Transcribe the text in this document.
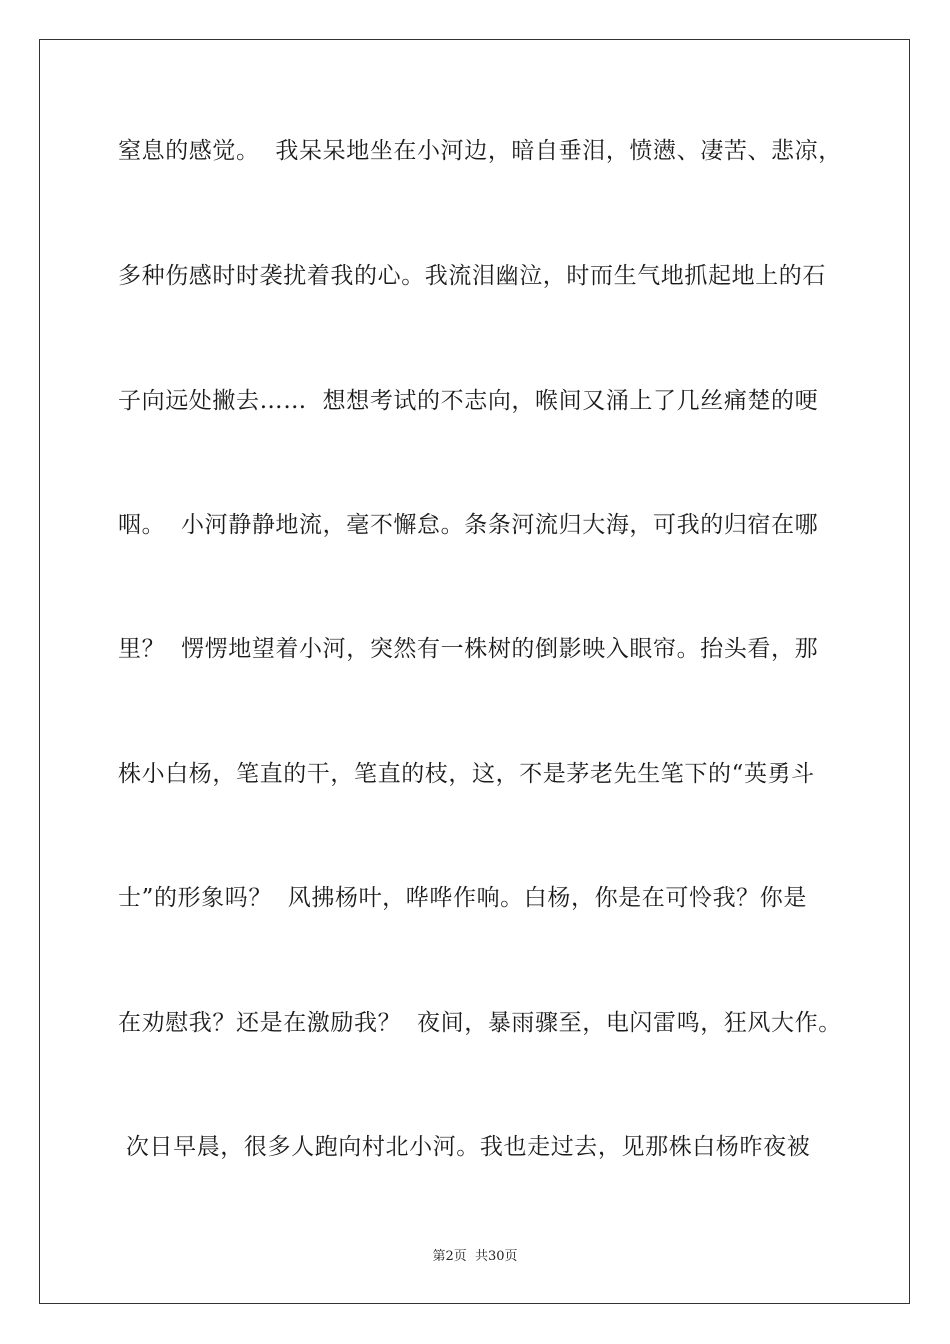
窒息的感觉。  我呆呆地坐在小河边，暗自垂泪，愤懑、凄苦、悲凉，
多种伤感时时袭扰着我的心。我流泪幽泣，时而生气地抓起地上的石
子向远处撇去……  想想考试的不志向，喉间又涌上了几丝痛楚的哽
咽。  小河静静地流，毫不懈怠。条条河流归大海，可我的归宿在哪
里？  愣愣地望着小河，突然有一株树的倒影映入眼帘。抬头看，那
株小白杨，笔直的干，笔直的枝，这，不是茅老先生笔下的“英勇斗
士”的形象吗？  风拂杨叶，哗哗作响。白杨，你是在可怜我？你是
在劝慰我？还是在激励我？  夜间，暴雨骤至，电闪雷鸣，狂风大作。
次日早晨，很多人跑向村北小河。我也走过去，见那株白杨昨夜被
第2页  共30页
